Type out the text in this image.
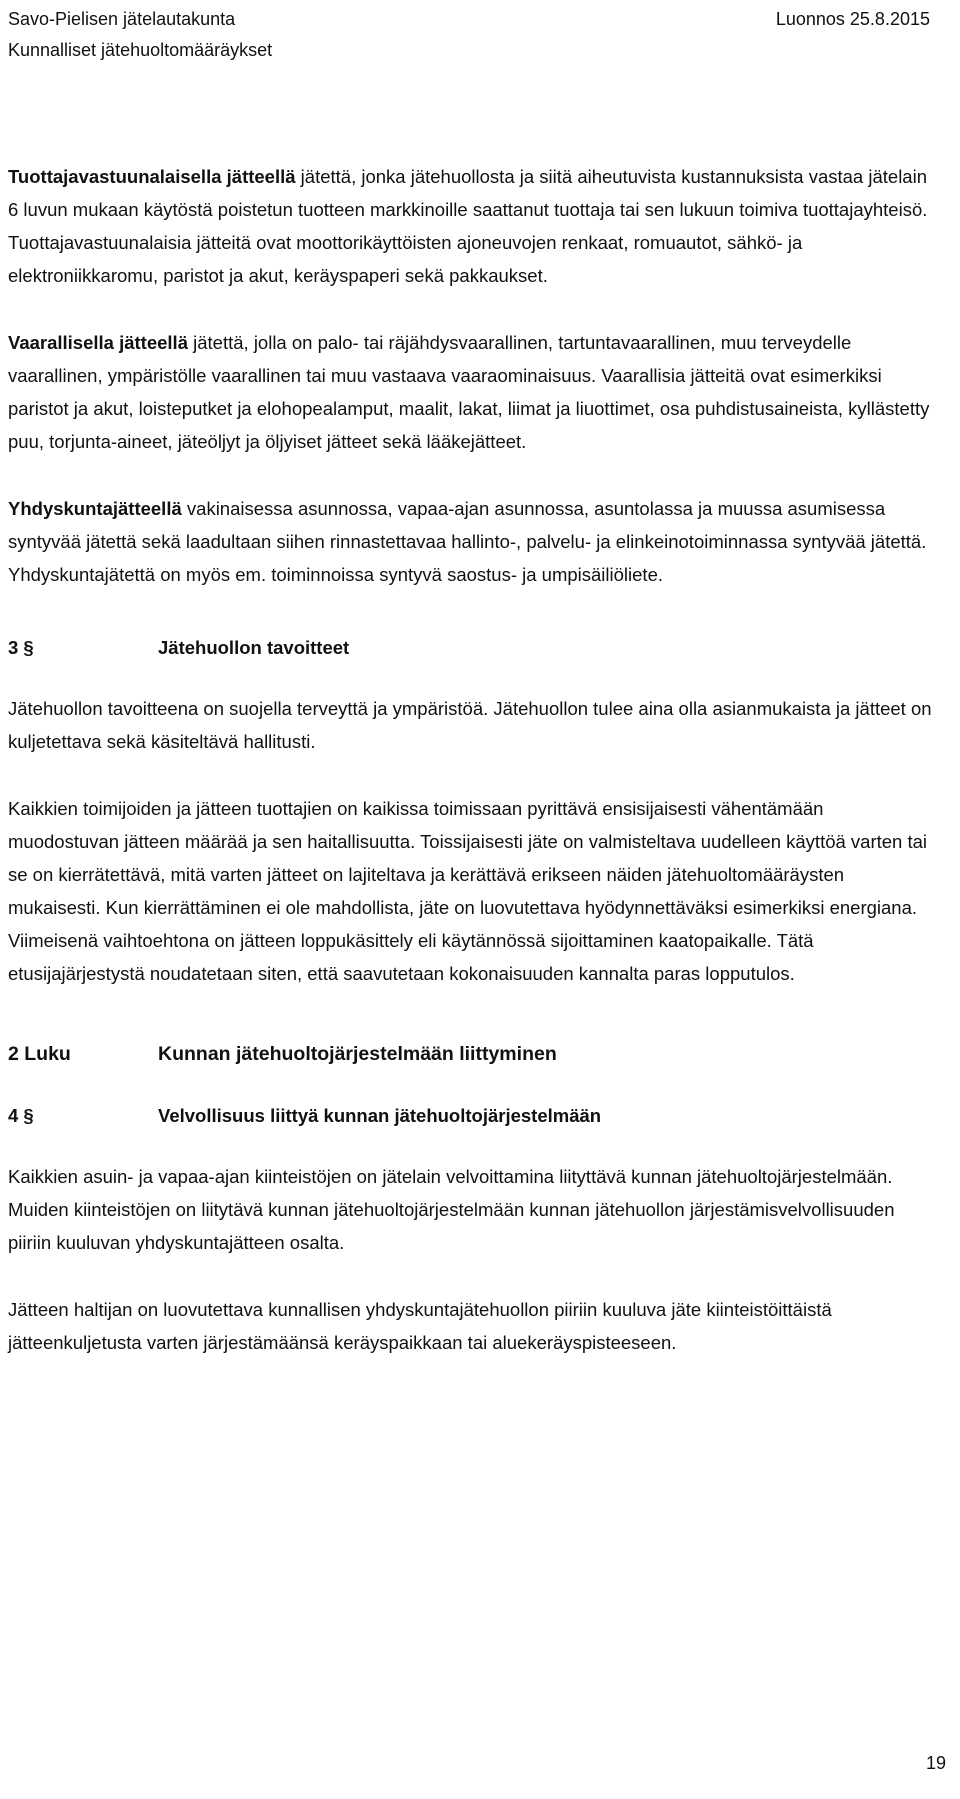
Savo-Pielisen jätelautakunta
Kunnalliset jätehuoltomääräykset
Luonnos 25.8.2015

Tuottajavastuunalaisella jätteellä jätettä, jonka jätehuollosta ja siitä aiheutuvista kustannuksista vastaa jätelain 6 luvun mukaan käytöstä poistetun tuotteen markkinoille saattanut tuottaja tai sen lukuun toimiva tuottajayhteisö. Tuottajavastuunalaisia jätteitä ovat moottorikäyttöisten ajoneuvojen renkaat, romuautot, sähkö- ja elektroniikkaromu, paristot ja akut, keräyspaperi sekä pakkaukset.

Vaarallisella jätteellä jätettä, jolla on palo- tai räjähdysvaarallinen, tartuntavaarallinen, muu terveydelle vaarallinen, ympäristölle vaarallinen tai muu vastaava vaaraominaisuus. Vaarallisia jätteitä ovat esimerkiksi paristot ja akut, loisteputket ja elohopealamput, maalit, lakat, liimat ja liuottimet, osa puhdistusaineista, kyllästetty puu, torjunta-aineet, jäteöljyt ja öljyiset jätteet sekä lääkejätteet.

Yhdyskuntajätteellä vakinaisessa asunnossa, vapaa-ajan asunnossa, asuntolassa ja muussa asumisessa syntyvää jätettä sekä laadultaan siihen rinnastettavaa hallinto-, palvelu- ja elinkeinotoiminnassa syntyvää jätettä. Yhdyskuntajätettä on myös em. toiminnoissa syntyvä saostus- ja umpisäiliöliete.

3 §	Jätehuollon tavoitteet

Jätehuollon tavoitteena on suojella terveyttä ja ympäristöä. Jätehuollon tulee aina olla asianmukaista ja jätteet on kuljetettava sekä käsiteltävä hallitusti.

Kaikkien toimijoiden ja jätteen tuottajien on kaikissa toimissaan pyrittävä ensisijaisesti vähentämään muodostuvan jätteen määrää ja sen haitallisuutta. Toissijaisesti jäte on valmisteltava uudelleen käyttöä varten tai se on kierrätettävä, mitä varten jätteet on lajiteltava ja kerättävä erikseen näiden jätehuoltomääräysten mukaisesti. Kun kierrättäminen ei ole mahdollista, jäte on luovutettava hyödynnettäväksi esimerkiksi energiana. Viimeisenä vaihtoehtona on jätteen loppukäsittely eli käytännössä sijoittaminen kaatopaikalle. Tätä etusijajärjestystä noudatetaan siten, että saavutetaan kokonaisuuden kannalta paras lopputulos.

2 Luku	Kunnan jätehuoltojärjestelmään liittyminen
4 §	Velvollisuus liittyä kunnan jätehuoltojärjestelmään

Kaikkien asuin- ja vapaa-ajan kiinteistöjen on jätelain velvoittamina liityttävä kunnan jätehuoltojärjestelmään. Muiden kiinteistöjen on liitytävä kunnan jätehuoltojärjestelmään kunnan jätehuollon järjestämisvelvollisuuden piiriin kuuluvan yhdyskuntajätteen osalta.

Jätteen haltijan on luovutettava kunnallisen yhdyskuntajätehuollon piiriin kuuluva jäte kiinteistöittäistä jätteenkuljetusta varten järjestämäänsä keräyspaikkaan tai aluekeräyspisteeseen.

19
